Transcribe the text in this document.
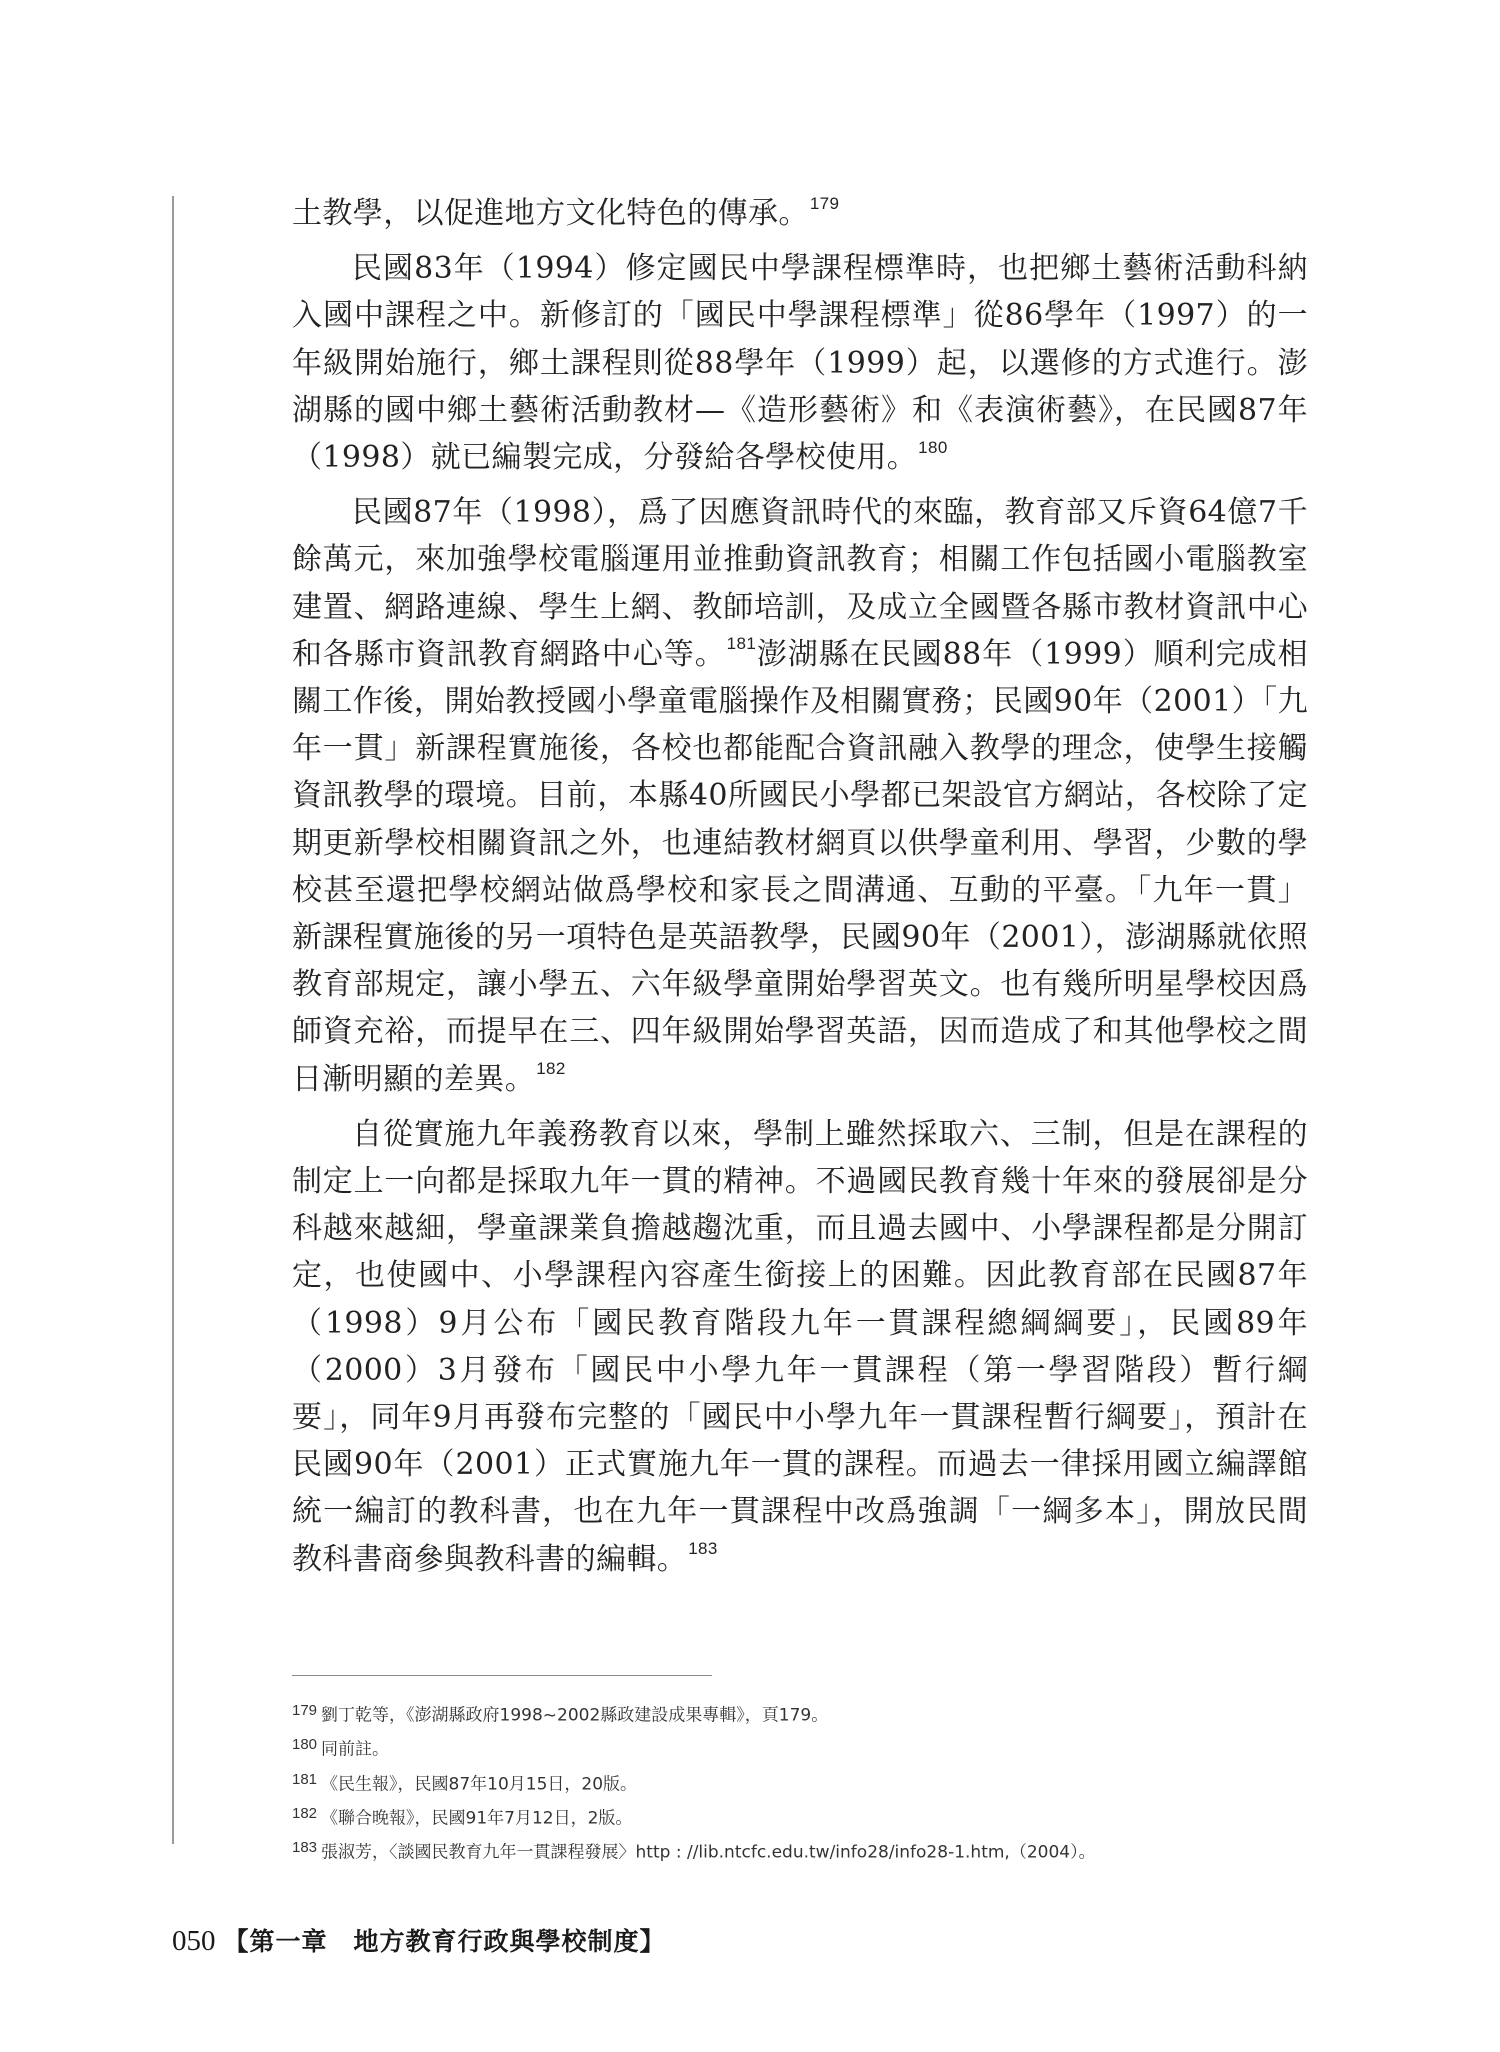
土教學，以促進地方文化特色的傳承。$^{179}$

民國83年（1994）修定國民中學課程標準時，也把鄉土藝術活動科納入國中課程之中。新修訂的「國民中學課程標準」從86學年（1997）的一年級開始施行，鄉土課程則從88學年（1999）起，以選修的方式進行。澎湖縣的國中鄉土藝術活動教材—《造形藝術》和《表演術藝》，在民國87年（1998）就已編製完成，分發給各學校使用。$^{180}$

民國87年（1998），爲了因應資訊時代的來臨，教育部又斥資64億7千餘萬元，來加強學校電腦運用並推動資訊教育；相關工作包括國小電腦教室建置、網路連線、學生上網、教師培訓，及成立全國暨各縣市教材資訊中心和各縣市資訊教育網路中心等。$^{181}$澎湖縣在民國88年（1999）順利完成相關工作後，開始教授國小學童電腦操作及相關實務；民國90年（2001）「九年一貫」新課程實施後，各校也都能配合資訊融入教學的理念，使學生接觸資訊教學的環境。目前，本縣40所國民小學都已架設官方網站，各校除了定期更新學校相關資訊之外，也連結教材網頁以供學童利用、學習，少數的學校甚至還把學校網站做爲學校和家長之間溝通、互動的平臺。「九年一貫」新課程實施後的另一項特色是英語教學，民國90年（2001），澎湖縣就依照教育部規定，讓小學五、六年級學童開始學習英文。也有幾所明星學校因爲師資充裕，而提早在三、四年級開始學習英語，因而造成了和其他學校之間日漸明顯的差異。$^{182}$

自從實施九年義務教育以來，學制上雖然採取六、三制，但是在課程的制定上一向都是採取九年一貫的精神。不過國民教育幾十年來的發展卻是分科越來越細，學童課業負擔越趨沈重，而且過去國中、小學課程都是分開訂定，也使國中、小學課程內容產生銜接上的困難。因此教育部在民國87年（1998）9月公布「國民教育階段九年一貫課程總綱綱要」，民國89年（2000）3月發布「國民中小學九年一貫課程（第一學習階段）暫行綱要」，同年9月再發布完整的「國民中小學九年一貫課程暫行綱要」，預計在民國90年（2001）正式實施九年一貫的課程。而過去一律採用國立編譯館統一編訂的教科書，也在九年一貫課程中改爲強調「一綱多本」，開放民間教科書商參與教科書的編輯。$^{183}$

179 劉丁乾等，《澎湖縣政府1998~2002縣政建設成果專輯》，頁179。
180 同前註。
181 《民生報》，民國87年10月15日，20版。
182 《聯合晚報》，民國91年7月12日，2版。
183 張淑芳，〈談國民教育九年一貫課程發展〉http : //lib.ntcfc.edu.tw/info28/info28-1.htm,（2004）。
050 【第一章　地方教育行政與學校制度】
